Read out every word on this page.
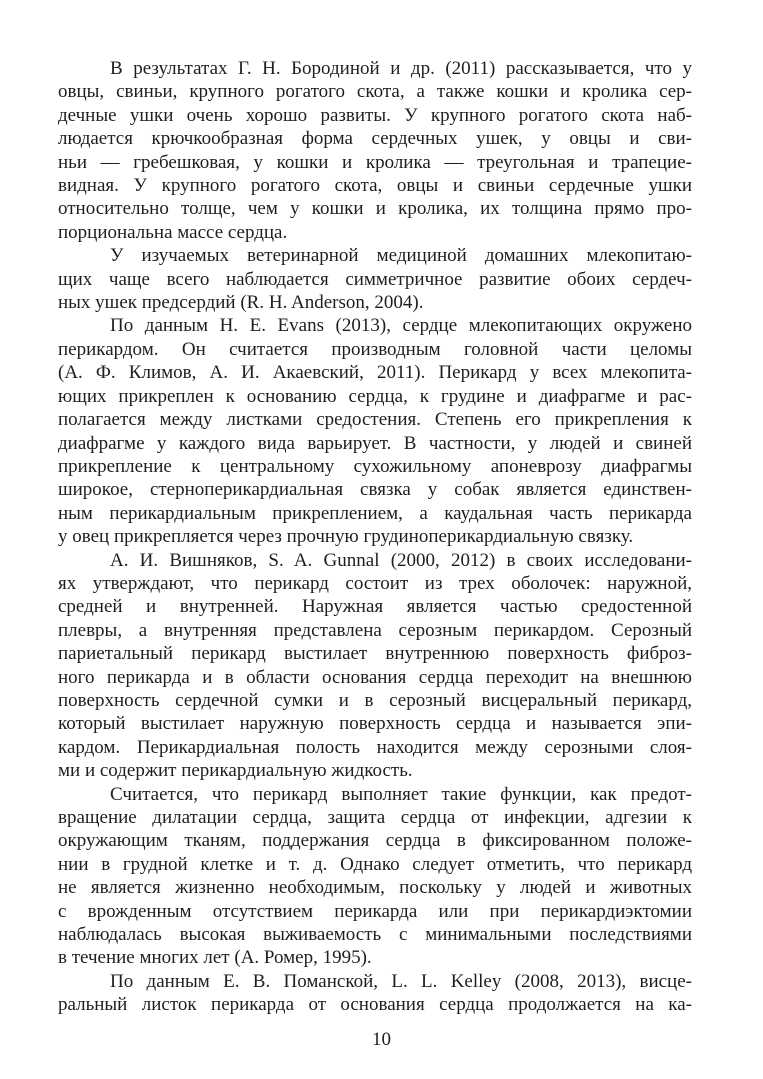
В результатах Г. Н. Бородиной и др. (2011) рассказывается, что у
овцы, свиньи, крупного рогатого скота, а также кошки и кролика сер-
дечные ушки очень хорошо развиты. У крупного рогатого скота наб-
людается крючкообразная форма сердечных ушек, у овцы и сви-
ньи — гребешковая, у кошки и кролика — треугольная и трапецие-
видная. У крупного рогатого скота, овцы и свиньи сердечные ушки
относительно толще, чем у кошки и кролика, их толщина прямо про-
порциональна массе сердца.
У изучаемых ветеринарной медициной домашних млекопитаю-
щих чаще всего наблюдается симметричное развитие обоих сердеч-
ных ушек предсердий (R. H. Anderson, 2004).
По данным H. E. Evans (2013), сердце млекопитающих окружено
перикардом. Он считается производным головной части целомы
(А. Ф. Климов, А. И. Акаевский, 2011). Перикард у всех млекопита-
ющих прикреплен к основанию сердца, к грудине и диафрагме и рас-
полагается между листками средостения. Степень его прикрепления к
диафрагме у каждого вида варьирует. В частности, у людей и свиней
прикрепление к центральному сухожильному апоневрозу диафрагмы
широкое, стерноперикардиальная связка у собак является единствен-
ным перикардиальным прикреплением, а каудальная часть перикарда
у овец прикрепляется через прочную грудиноперикардиальную связку.
А. И. Вишняков, S. A. Gunnal (2000, 2012) в своих исследовани-
ях утверждают, что перикард состоит из трех оболочек: наружной,
средней и внутренней. Наружная является частью средостенной
плевры, а внутренняя представлена серозным перикардом. Серозный
париетальный перикард выстилает внутреннюю поверхность фиброз-
ного перикарда и в области основания сердца переходит на внешнюю
поверхность сердечной сумки и в серозный висцеральный перикард,
который выстилает наружную поверхность сердца и называется эпи-
кардом. Перикардиальная полость находится между серозными слоя-
ми и содержит перикардиальную жидкость.
Считается, что перикард выполняет такие функции, как предот-
вращение дилатации сердца, защита сердца от инфекции, адгезии к
окружающим тканям, поддержания сердца в фиксированном положе-
нии в грудной клетке и т. д. Однако следует отметить, что перикард
не является жизненно необходимым, поскольку у людей и животных
с врожденным отсутствием перикарда или при перикардиэктомии
наблюдалась высокая выживаемость с минимальными последствиями
в течение многих лет (А. Ромер, 1995).
По данным Е. В. Поманской, L. L. Kelley (2008, 2013), висце-
ральный листок перикарда от основания сердца продолжается на ка-
10
